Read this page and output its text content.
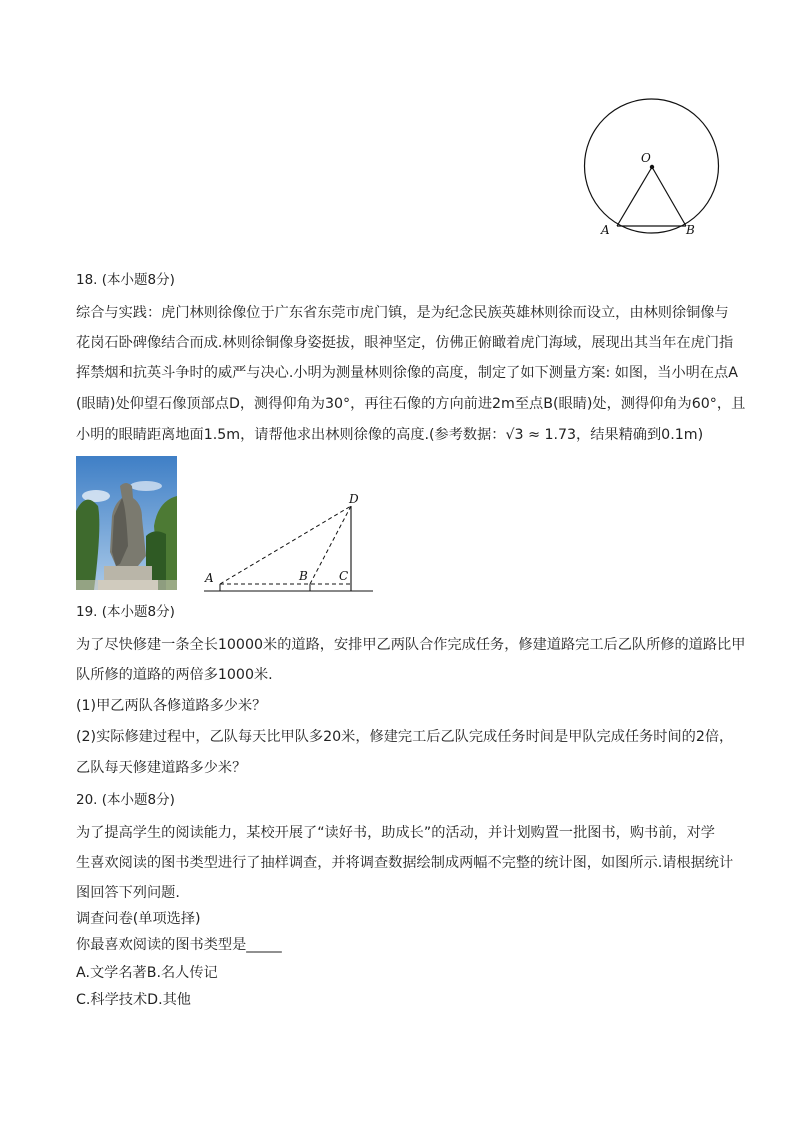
O
A	B
18. (本小题8分)
综合与实践：虎门林则徐像位于广东省东莞市虎门镇，是为纪念民族英雄林则徐而设立，由林则徐铜像与
花岗石卧碑像结合而成.林则徐铜像身姿挺拔，眼神坚定，仿佛正俯瞰着虎门海域，展现出其当年在虎门指
挥禁烟和抗英斗争时的威严与决心.小明为测量林则徐像的高度，制定了如下测量方案: 如图，当小明在点A
(眼睛)处仰望石像顶部点D，测得仰角为30°，再往石像的方向前进2m至点B(眼睛)处，测得仰角为60°，且
小明的眼睛距离地面1.5m，请帮他求出林则徐像的高度.(参考数据：√3 ≈ 1.73，结果精确到0.1m)
D
A	B	C
19. (本小题8分)
为了尽快修建一条全长10000米的道路，安排甲乙两队合作完成任务，修建道路完工后乙队所修的道路比甲
队所修的道路的两倍多1000米.
(1)甲乙两队各修道路多少米？
(2)实际修建过程中，乙队每天比甲队多20米，修建完工后乙队完成任务时间是甲队完成任务时间的2倍，
乙队每天修建道路多少米？
20. (本小题8分)
为了提高学生的阅读能力，某校开展了“读好书，助成长”的活动，并计划购置一批图书，购书前，对学
生喜欢阅读的图书类型进行了抽样调查，并将调查数据绘制成两幅不完整的统计图，如图所示.请根据统计
图回答下列问题.
调查问卷(单项选择)
你最喜欢阅读的图书类型是_____
A.文学名著B.名人传记
C.科学技术D.其他
